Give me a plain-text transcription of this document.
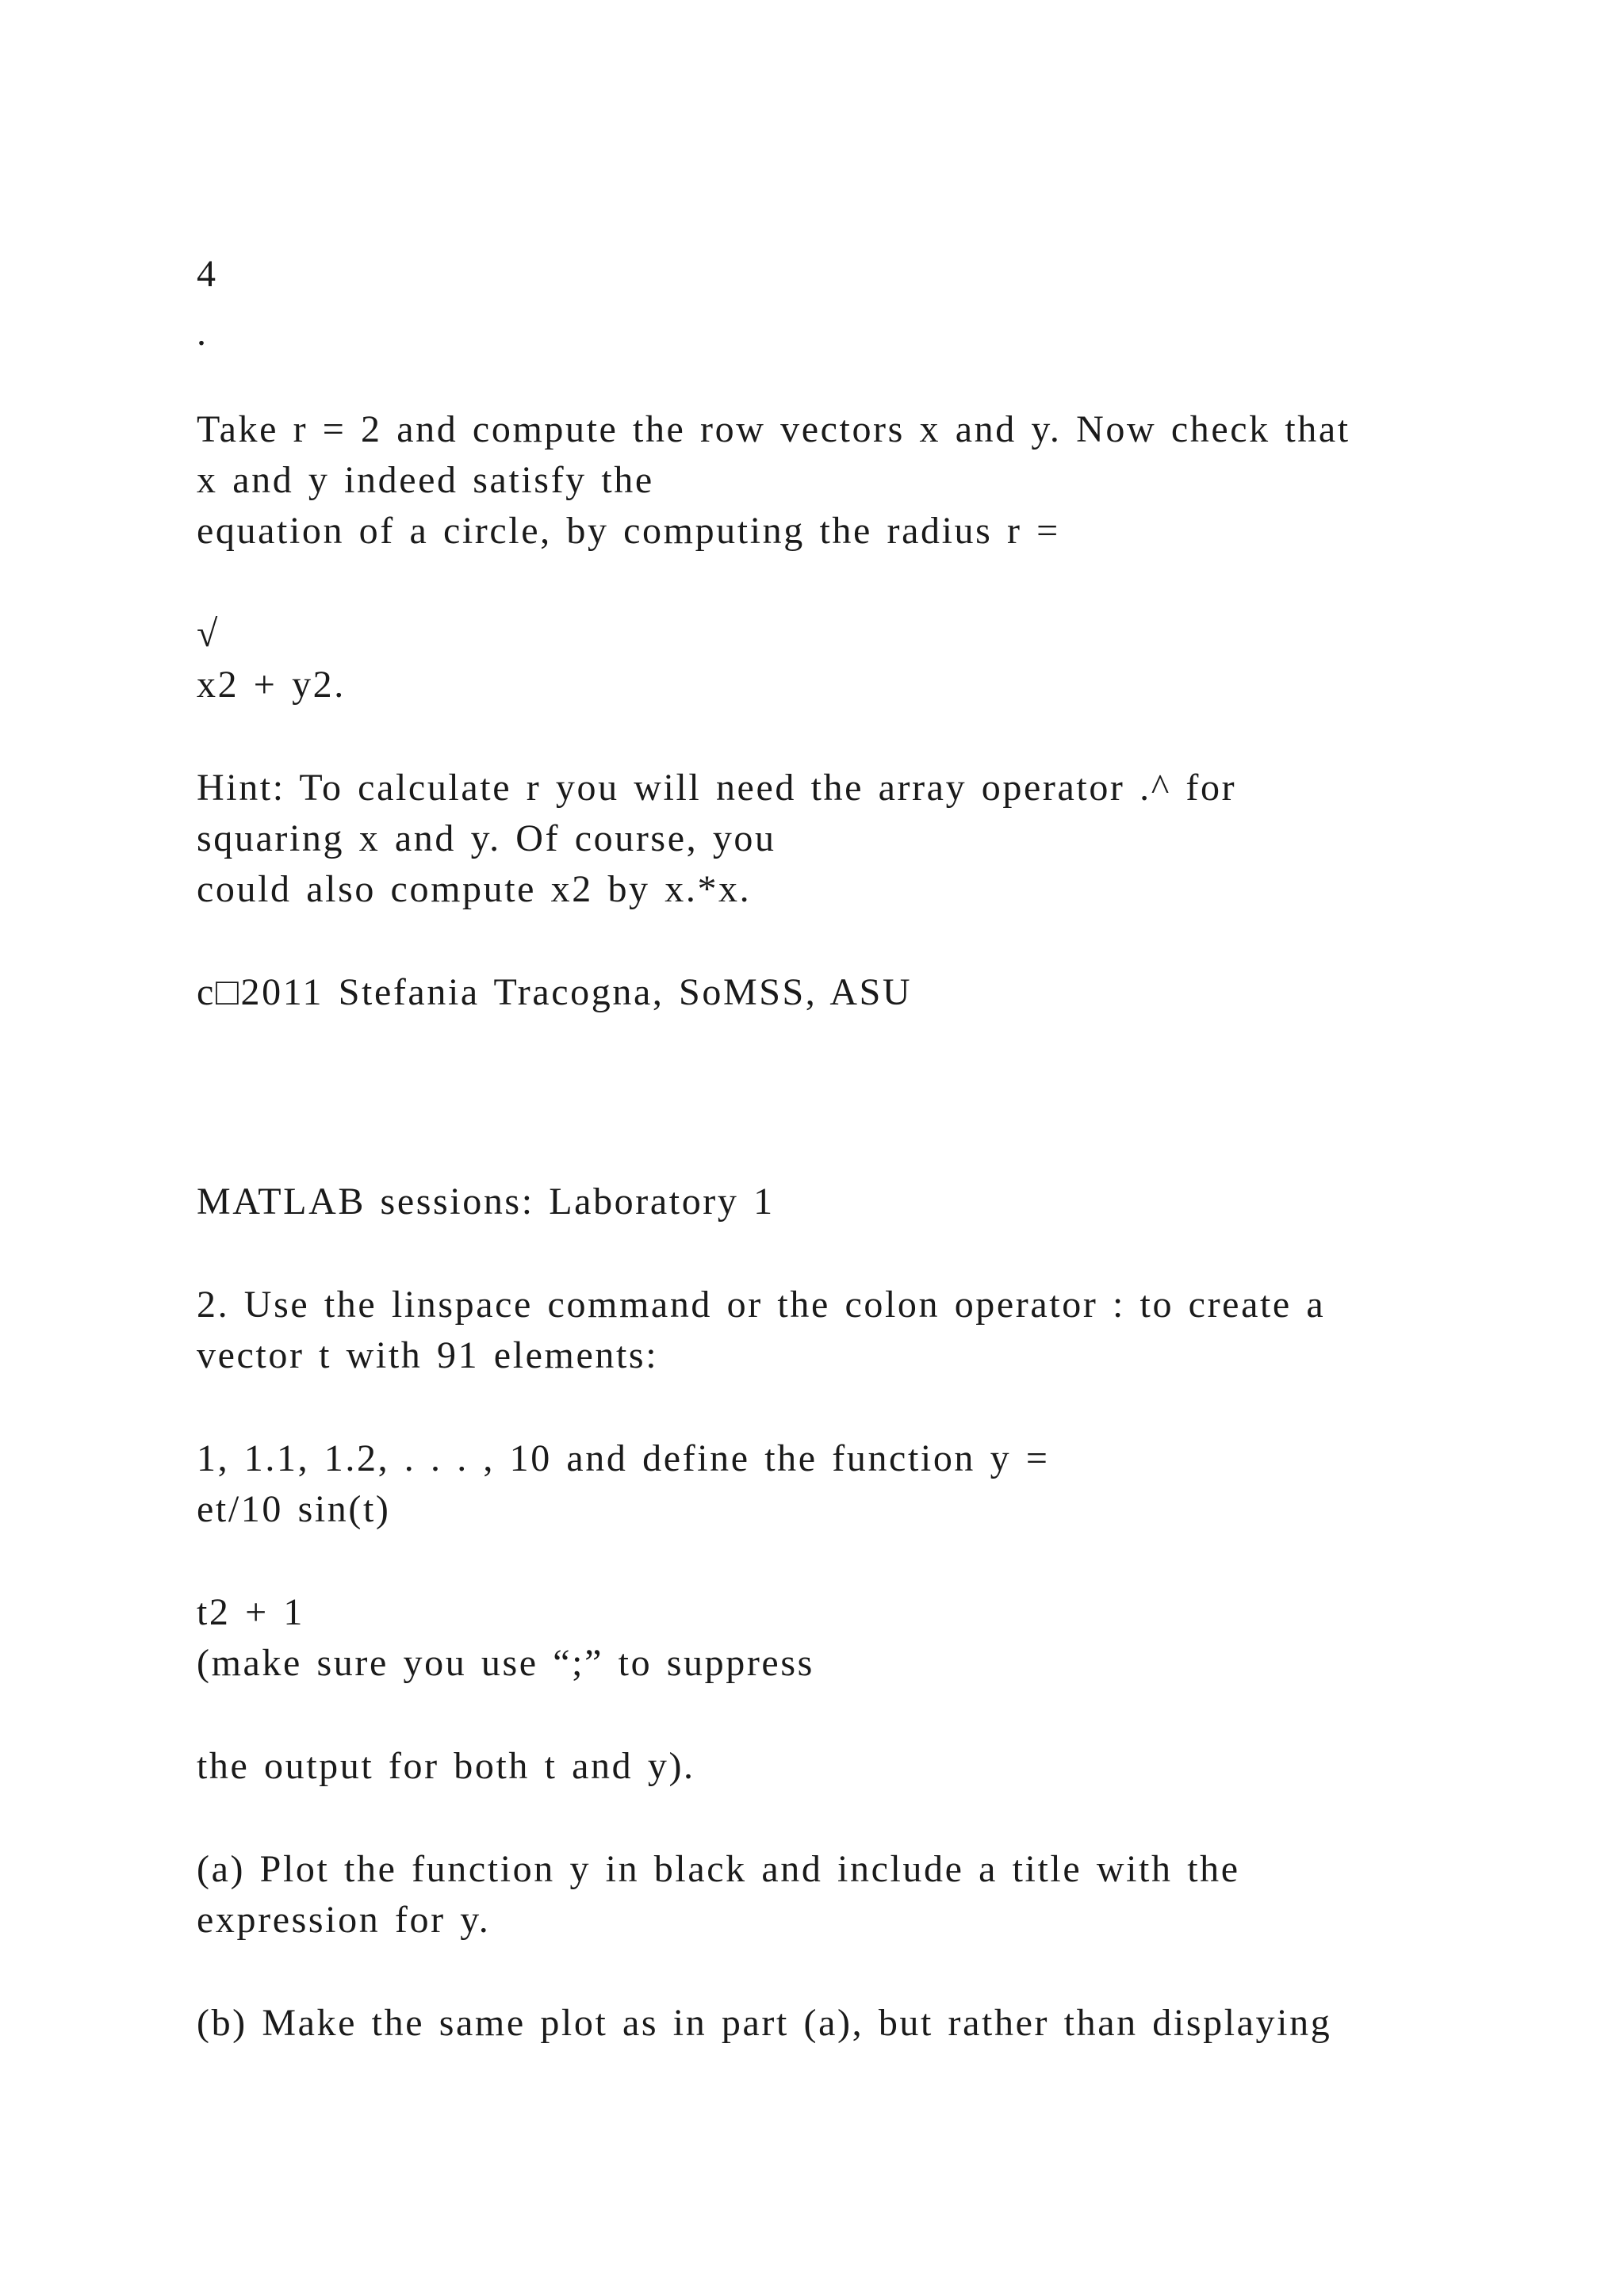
4

.

Take r = 2 and compute the row vectors x and y. Now check that

x and y indeed satisfy the

equation of a circle, by computing the radius r =

√

x2 + y2.

Hint: To calculate r you will need the array operator .^ for

squaring x and y. Of course, you

could also compute x2 by x.*x.

c□2011 Stefania Tracogna, SoMSS, ASU

MATLAB sessions: Laboratory 1

2. Use the linspace command or the colon operator : to create a

vector t with 91 elements:

1, 1.1, 1.2, . . . , 10 and define the function y =

et/10 sin(t)

t2 + 1

(make sure you use “;” to suppress

the output for both t and y).

(a) Plot the function y in black and include a title with the

expression for y.

(b) Make the same plot as in part (a), but rather than displaying
